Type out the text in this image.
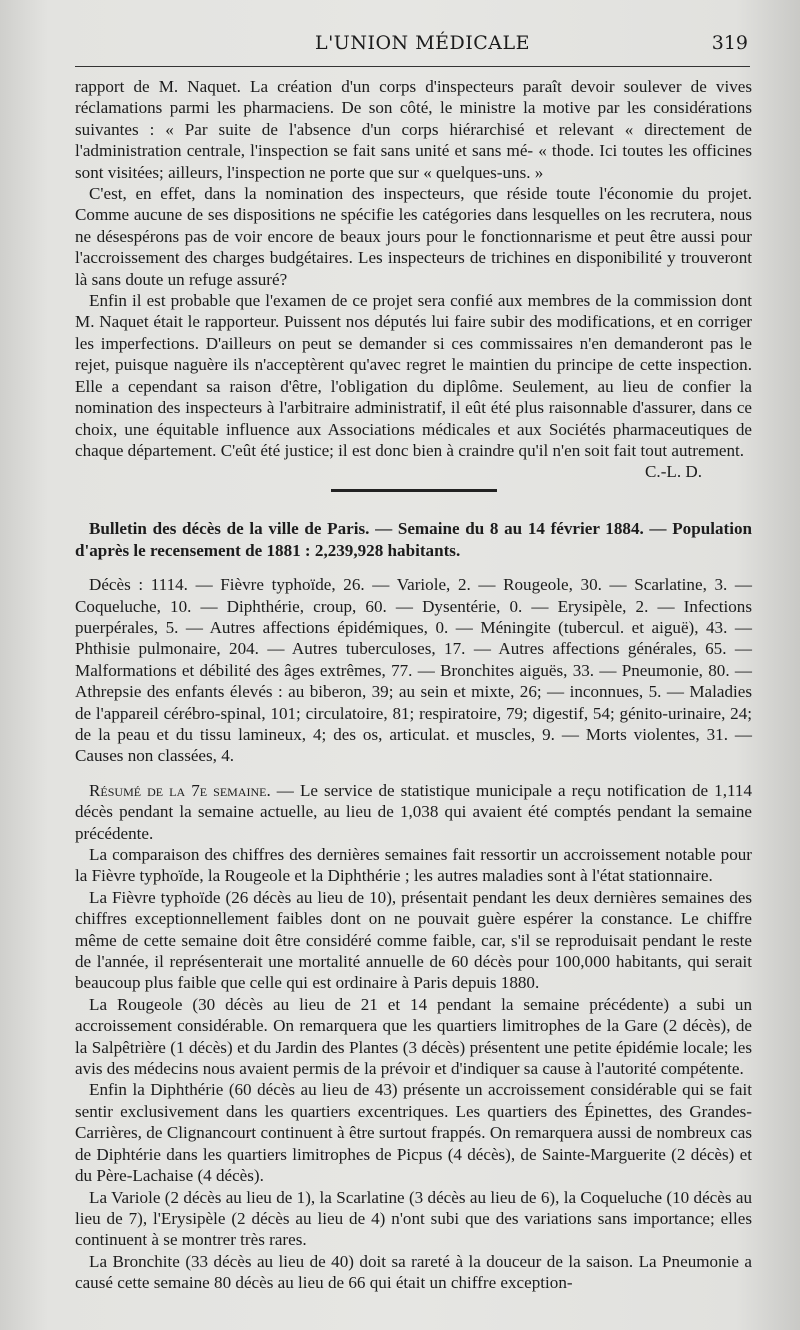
L'UNION MÉDICALE	319

rapport de M. Naquet. La création d'un corps d'inspecteurs paraît devoir soulever de vives réclamations parmi les pharmaciens. De son côté, le ministre la motive par les considérations suivantes : « Par suite de l'absence d'un corps hiérarchisé et relevant « directement de l'administration centrale, l'inspection se fait sans unité et sans mé- « thode. Ici toutes les officines sont visitées; ailleurs, l'inspection ne porte que sur « quelques-uns. »

C'est, en effet, dans la nomination des inspecteurs, que réside toute l'économie du projet. Comme aucune de ses dispositions ne spécifie les catégories dans lesquelles on les recrutera, nous ne désespérons pas de voir encore de beaux jours pour le fonctionnarisme et peut être aussi pour l'accroissement des charges budgétaires. Les inspecteurs de trichines en disponibilité y trouveront là sans doute un refuge assuré?

Enfin il est probable que l'examen de ce projet sera confié aux membres de la commission dont M. Naquet était le rapporteur. Puissent nos députés lui faire subir des modifications, et en corriger les imperfections. D'ailleurs on peut se demander si ces commissaires n'en demanderont pas le rejet, puisque naguère ils n'acceptèrent qu'avec regret le maintien du principe de cette inspection. Elle a cependant sa raison d'être, l'obligation du diplôme. Seulement, au lieu de confier la nomination des inspecteurs à l'arbitraire administratif, il eût été plus raisonnable d'assurer, dans ce choix, une équitable influence aux Associations médicales et aux Sociétés pharmaceutiques de chaque département. C'eût été justice; il est donc bien à craindre qu'il n'en soit fait tout autrement.
C.-L. D.

Bulletin des décès de la ville de Paris. — Semaine du 8 au 14 février 1884. — Population d'après le recensement de 1881 : 2,239,928 habitants.

Décès : 1114. — Fièvre typhoïde, 26. — Variole, 2. — Rougeole, 30. — Scarlatine, 3. — Coqueluche, 10. — Diphthérie, croup, 60. — Dysentérie, 0. — Erysipèle, 2. — Infections puerpérales, 5. — Autres affections épidémiques, 0. — Méningite (tubercul. et aiguë), 43. — Phthisie pulmonaire, 204. — Autres tuberculoses, 17. — Autres affections générales, 65. — Malformations et débilité des âges extrêmes, 77. — Bronchites aiguës, 33. — Pneumonie, 80. — Athrepsie des enfants élevés : au biberon, 39; au sein et mixte, 26; — inconnues, 5. — Maladies de l'appareil cérébro-spinal, 101; circulatoire, 81; respiratoire, 79; digestif, 54; génito-urinaire, 24; de la peau et du tissu lamineux, 4; des os, articulat. et muscles, 9. — Morts violentes, 31. — Causes non classées, 4.

Résumé de la 7e semaine. — Le service de statistique municipale a reçu notification de 1,114 décès pendant la semaine actuelle, au lieu de 1,038 qui avaient été comptés pendant la semaine précédente.

La comparaison des chiffres des dernières semaines fait ressortir un accroissement notable pour la Fièvre typhoïde, la Rougeole et la Diphthérie ; les autres maladies sont à l'état stationnaire.

La Fièvre typhoïde (26 décès au lieu de 10), présentait pendant les deux dernières semaines des chiffres exceptionnellement faibles dont on ne pouvait guère espérer la constance. Le chiffre même de cette semaine doit être considéré comme faible, car, s'il se reproduisait pendant le reste de l'année, il représenterait une mortalité annuelle de 60 décès pour 100,000 habitants, qui serait beaucoup plus faible que celle qui est ordinaire à Paris depuis 1880.

La Rougeole (30 décès au lieu de 21 et 14 pendant la semaine précédente) a subi un accroissement considérable. On remarquera que les quartiers limitrophes de la Gare (2 décès), de la Salpêtrière (1 décès) et du Jardin des Plantes (3 décès) présentent une petite épidémie locale; les avis des médecins nous avaient permis de la prévoir et d'indiquer sa cause à l'autorité compétente.

Enfin la Diphthérie (60 décès au lieu de 43) présente un accroissement considérable qui se fait sentir exclusivement dans les quartiers excentriques. Les quartiers des Épinettes, des Grandes-Carrières, de Clignancourt continuent à être surtout frappés. On remarquera aussi de nombreux cas de Diphtérie dans les quartiers limitrophes de Picpus (4 décès), de Sainte-Marguerite (2 décès) et du Père-Lachaise (4 décès).

La Variole (2 décès au lieu de 1), la Scarlatine (3 décès au lieu de 6), la Coqueluche (10 décès au lieu de 7), l'Erysipèle (2 décès au lieu de 4) n'ont subi que des variations sans importance; elles continuent à se montrer très rares.

La Bronchite (33 décès au lieu de 40) doit sa rareté à la douceur de la saison. La Pneumonie a causé cette semaine 80 décès au lieu de 66 qui était un chiffre exception-
